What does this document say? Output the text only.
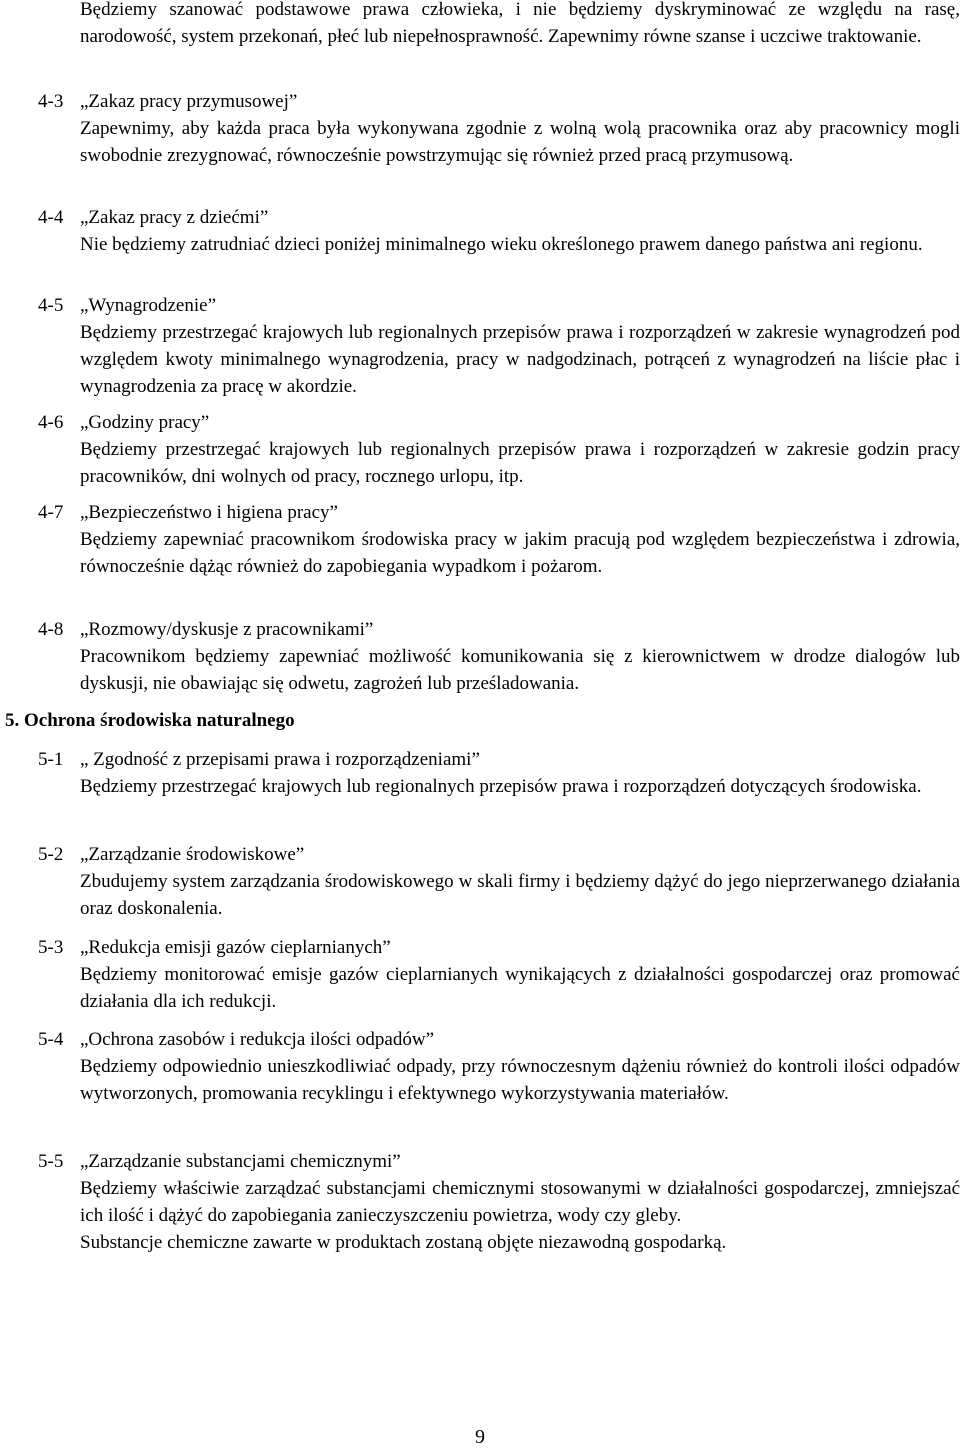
Będziemy szanować podstawowe prawa człowieka, i nie będziemy dyskryminować ze względu na rasę, narodowość, system przekonań, płeć lub niepełnosprawność. Zapewnimy równe szanse i uczciwe traktowanie.

4-3 „Zakaz pracy przymusowej”

Zapewnimy, aby każda praca była wykonywana zgodnie z wolną wolą pracownika oraz aby pracownicy mogli swobodnie zrezygnować, równocześnie powstrzymując się również przed pracą przymusową.

4-4 „Zakaz pracy z dziećmi”

Nie będziemy zatrudniać dzieci poniżej minimalnego wieku określonego prawem danego państwa ani regionu.

4-5 „Wynagrodzenie”

Będziemy przestrzegać krajowych lub regionalnych przepisów prawa i rozporządzeń w zakresie wynagrodzeń pod względem kwoty minimalnego wynagrodzenia, pracy w nadgodzinach, potrąceń z wynagrodzeń na liście płac i wynagrodzenia za pracę w akordzie.

4-6 „Godziny pracy”

Będziemy przestrzegać krajowych lub regionalnych przepisów prawa i rozporządzeń w zakresie godzin pracy pracowników, dni wolnych od pracy, rocznego urlopu, itp.

4-7 „Bezpieczeństwo i higiena pracy”

Będziemy zapewniać pracownikom środowiska pracy w jakim pracują pod względem bezpieczeństwa i zdrowia, równocześnie dążąc również do zapobiegania wypadkom i pożarom.

4-8 „Rozmowy/dyskusje z pracownikami”

Pracownikom będziemy zapewniać możliwość komunikowania się z kierownictwem w drodze dialogów lub dyskusji, nie obawiając się odwetu, zagrożeń lub prześladowania.

5. Ochrona środowiska naturalnego
5-1 „ Zgodność z przepisami prawa i rozporządzeniami”

Będziemy przestrzegać krajowych lub regionalnych przepisów prawa i rozporządzeń dotyczących środowiska.

5-2 „Zarządzanie środowiskowe”

Zbudujemy system zarządzania środowiskowego w skali firmy i będziemy dążyć do jego nieprzerwanego działania oraz doskonalenia.

5-3 „Redukcja emisji gazów cieplarnianych”

Będziemy monitorować emisje gazów cieplarnianych wynikających z działalności gospodarczej oraz promować działania dla ich redukcji.

5-4 „Ochrona zasobów i redukcja ilości odpadów”

Będziemy odpowiednio unieszkodliwiać odpady, przy równoczesnym dążeniu również do kontroli ilości odpadów wytworzonych, promowania recyklingu i efektywnego wykorzystywania materiałów.

5-5 „Zarządzanie substancjami chemicznymi”

Będziemy właściwie zarządzać substancjami chemicznymi stosowanymi w działalności gospodarczej, zmniejszać ich ilość i dążyć do zapobiegania zanieczyszczeniu powietrza, wody czy gleby.

Substancje chemiczne zawarte w produktach zostaną objęte niezawodną gospodarką.

9
